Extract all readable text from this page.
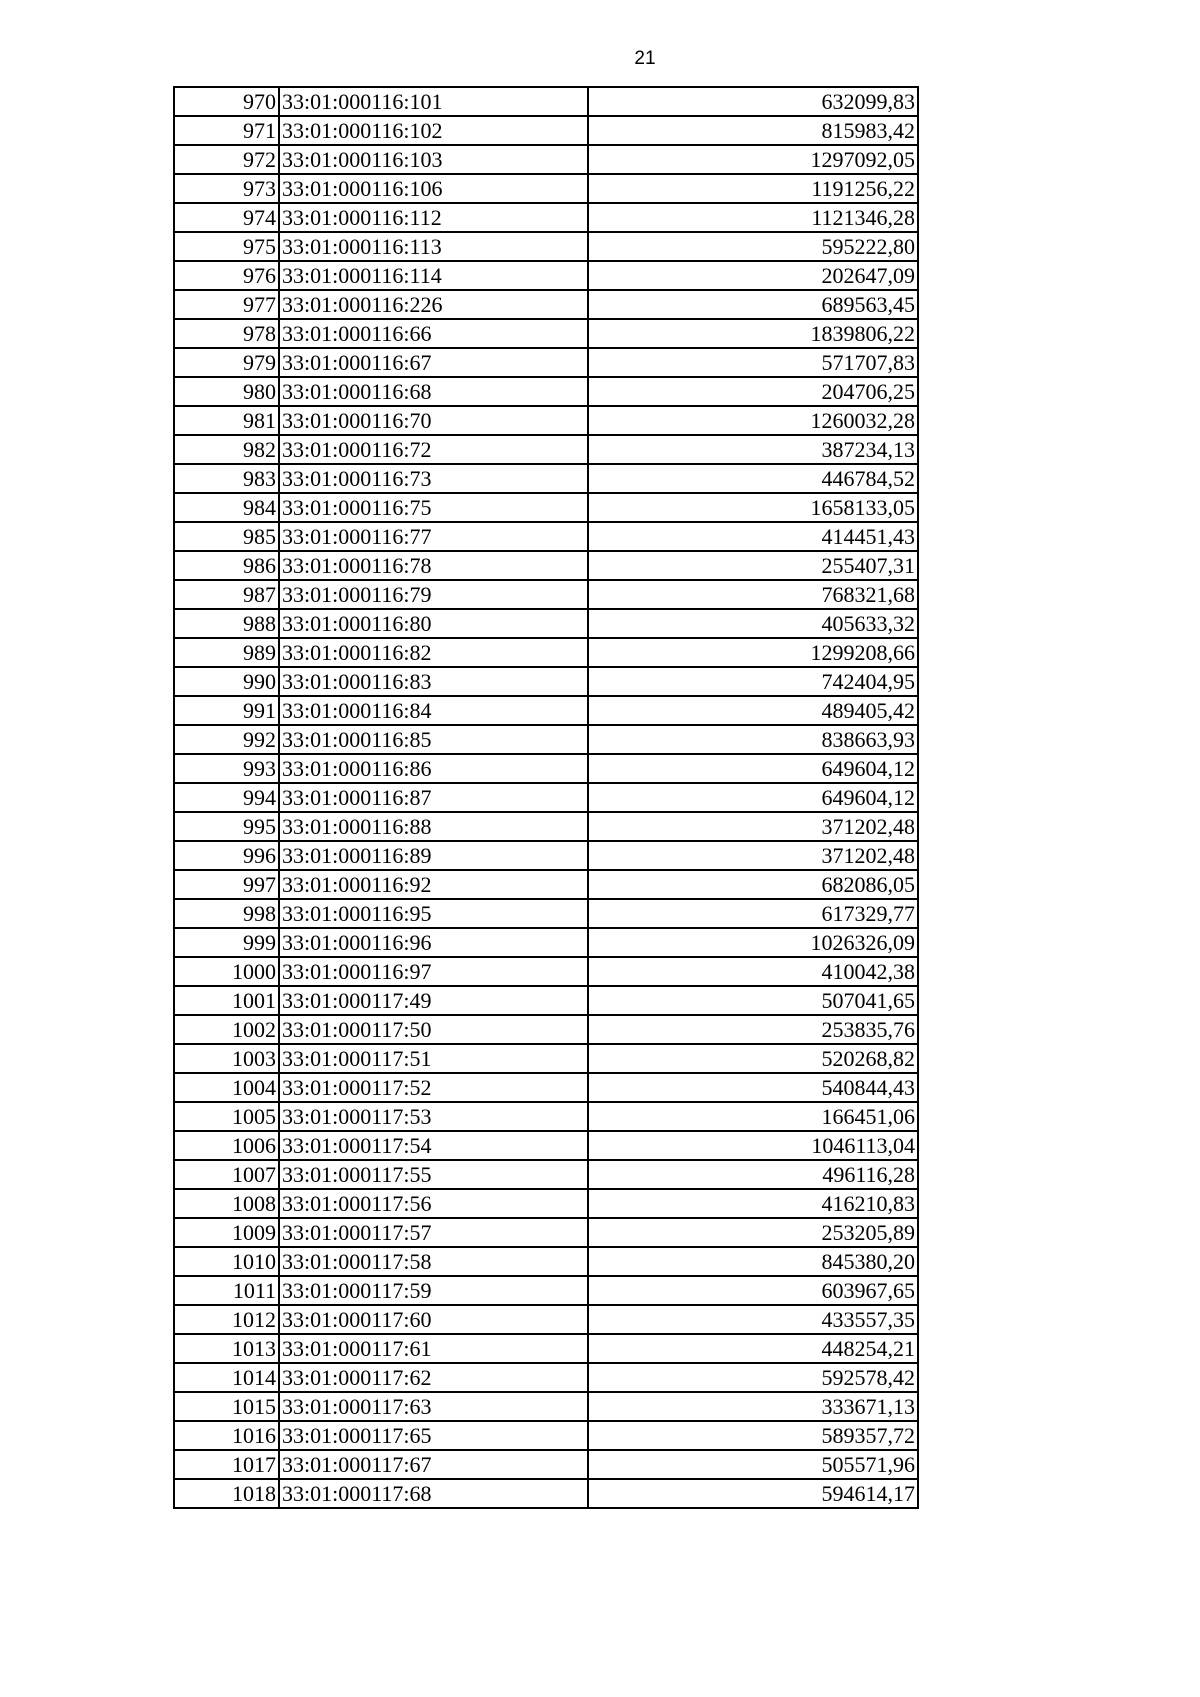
21
970	33:01:000116:101	632099,83
971	33:01:000116:102	815983,42
972	33:01:000116:103	1297092,05
973	33:01:000116:106	1191256,22
974	33:01:000116:112	1121346,28
975	33:01:000116:113	595222,80
976	33:01:000116:114	202647,09
977	33:01:000116:226	689563,45
978	33:01:000116:66	1839806,22
979	33:01:000116:67	571707,83
980	33:01:000116:68	204706,25
981	33:01:000116:70	1260032,28
982	33:01:000116:72	387234,13
983	33:01:000116:73	446784,52
984	33:01:000116:75	1658133,05
985	33:01:000116:77	414451,43
986	33:01:000116:78	255407,31
987	33:01:000116:79	768321,68
988	33:01:000116:80	405633,32
989	33:01:000116:82	1299208,66
990	33:01:000116:83	742404,95
991	33:01:000116:84	489405,42
992	33:01:000116:85	838663,93
993	33:01:000116:86	649604,12
994	33:01:000116:87	649604,12
995	33:01:000116:88	371202,48
996	33:01:000116:89	371202,48
997	33:01:000116:92	682086,05
998	33:01:000116:95	617329,77
999	33:01:000116:96	1026326,09
1000	33:01:000116:97	410042,38
1001	33:01:000117:49	507041,65
1002	33:01:000117:50	253835,76
1003	33:01:000117:51	520268,82
1004	33:01:000117:52	540844,43
1005	33:01:000117:53	166451,06
1006	33:01:000117:54	1046113,04
1007	33:01:000117:55	496116,28
1008	33:01:000117:56	416210,83
1009	33:01:000117:57	253205,89
1010	33:01:000117:58	845380,20
1011	33:01:000117:59	603967,65
1012	33:01:000117:60	433557,35
1013	33:01:000117:61	448254,21
1014	33:01:000117:62	592578,42
1015	33:01:000117:63	333671,13
1016	33:01:000117:65	589357,72
1017	33:01:000117:67	505571,96
1018	33:01:000117:68	594614,17
